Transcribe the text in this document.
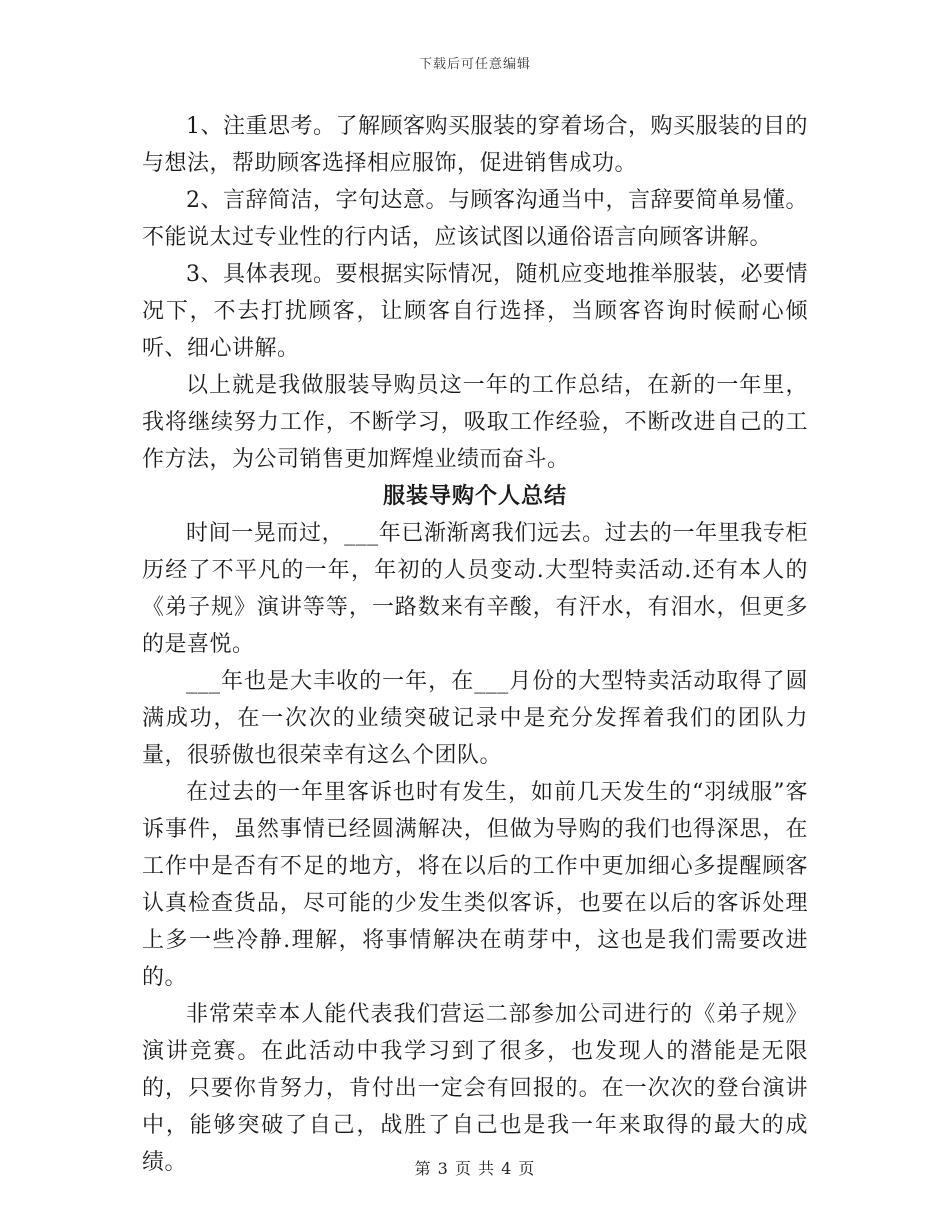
下载后可任意编辑

1、注重思考。了解顾客购买服装的穿着场合，购买服装的目的与想法，帮助顾客选择相应服饰，促进销售成功。

2、言辞简洁，字句达意。与顾客沟通当中，言辞要简单易懂。不能说太过专业性的行内话，应该试图以通俗语言向顾客讲解。

3、具体表现。要根据实际情况，随机应变地推举服装，必要情况下，不去打扰顾客，让顾客自行选择，当顾客咨询时候耐心倾听、细心讲解。

以上就是我做服装导购员这一年的工作总结，在新的一年里，我将继续努力工作，不断学习，吸取工作经验，不断改进自己的工作方法，为公司销售更加辉煌业绩而奋斗。

服装导购个人总结

时间一晃而过，___年已渐渐离我们远去。过去的一年里我专柜历经了不平凡的一年，年初的人员变动.大型特卖活动.还有本人的《弟子规》演讲等等，一路数来有辛酸，有汗水，有泪水，但更多的是喜悦。

___年也是大丰收的一年，在___月份的大型特卖活动取得了圆满成功，在一次次的业绩突破记录中是充分发挥着我们的团队力量，很骄傲也很荣幸有这么个团队。

在过去的一年里客诉也时有发生，如前几天发生的“羽绒服”客诉事件，虽然事情已经圆满解决，但做为导购的我们也得深思，在工作中是否有不足的地方，将在以后的工作中更加细心多提醒顾客认真检查货品，尽可能的少发生类似客诉，也要在以后的客诉处理上多一些冷静.理解，将事情解决在萌芽中，这也是我们需要改进的。

非常荣幸本人能代表我们营运二部参加公司进行的《弟子规》演讲竞赛。在此活动中我学习到了很多，也发现人的潜能是无限的，只要你肯努力，肯付出一定会有回报的。在一次次的登台演讲中，能够突破了自己，战胜了自己也是我一年来取得的最大的成绩。	第 3 页 共 4 页
